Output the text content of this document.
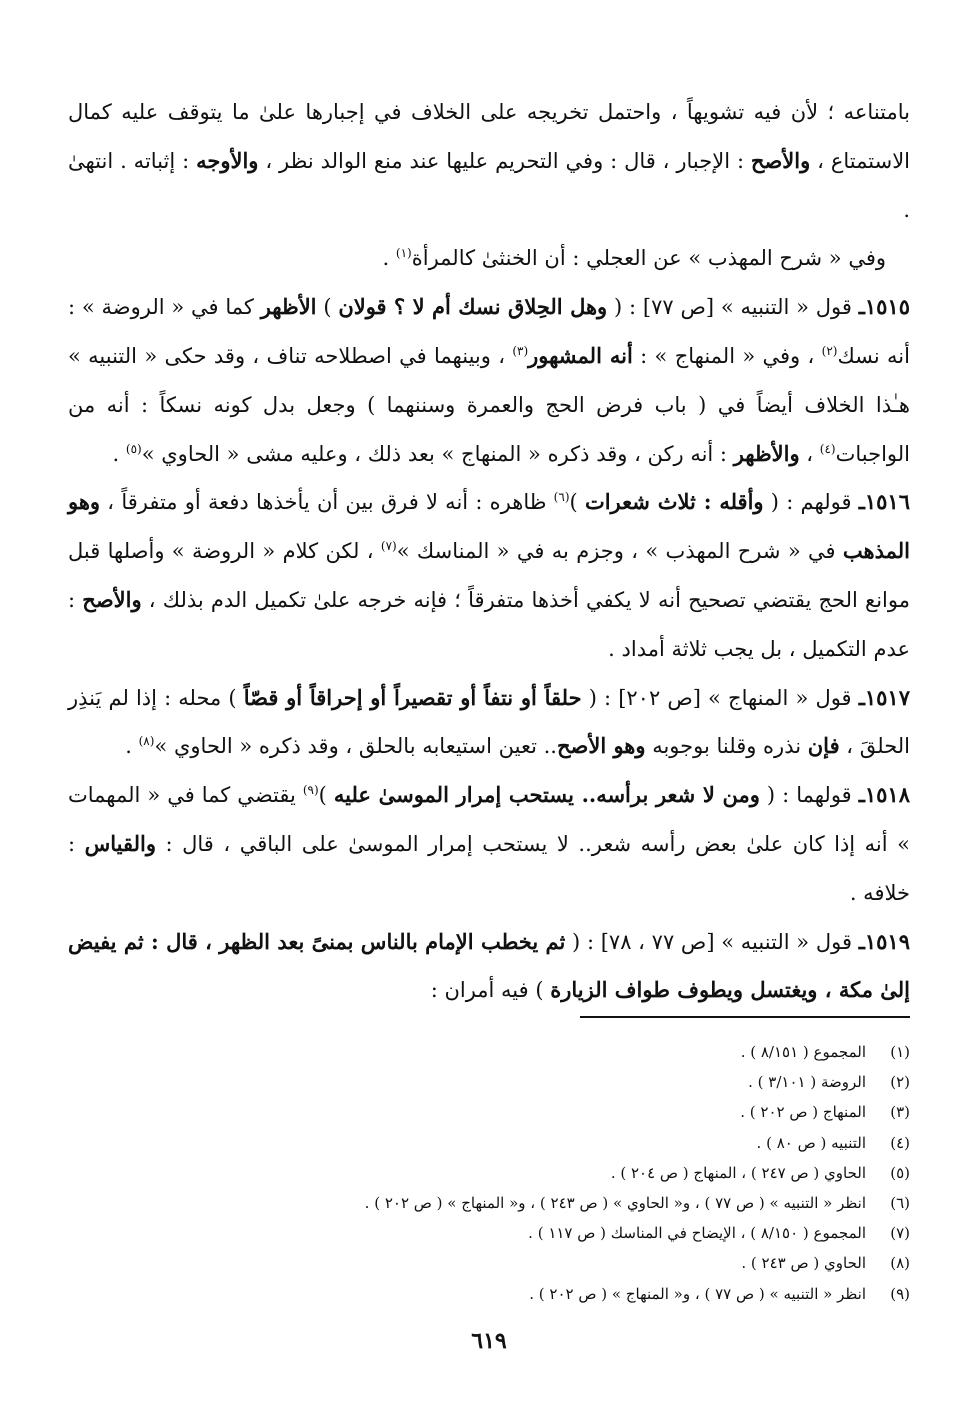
بامتناعه ؛ لأن فيه تشويهاً ، واحتمل تخريجه على الخلاف في إجبارها علىٰ ما يتوقف عليه كمال الاستمتاع ، والأصح : الإجبار ، قال : وفي التحريم عليها عند منع الوالد نظر ، والأوجه : إثباته . انتهىٰ .

وفي « شرح المهذب » عن العجلي : أن الخنثىٰ كالمرأة$^{(١)}$ .

١٥١٥ـ قول « التنبيه » [ص ٧٧] : ( وهل الحِلاق نسك أم لا ؟ قولان ) الأظهر كما في « الروضة » : أنه نسك$^{(٢)}$ ، وفي « المنهاج » : أنه المشهور$^{(٣)}$ ، وبينهما في اصطلاحه تناف ، وقد حكى « التنبيه » هـٰذا الخلاف أيضاً في ( باب فرض الحج والعمرة وسننهما ) وجعل بدل كونه نسكاً : أنه من الواجبات$^{(٤)}$ ، والأظهر : أنه ركن ، وقد ذكره « المنهاج » بعد ذلك ، وعليه مشى « الحاوي »$^{(٥)}$ .

١٥١٦ـ قولهم : ( وأقله : ثلاث شعرات )$^{(٦)}$ ظاهره : أنه لا فرق بين أن يأخذها دفعة أو متفرقاً ، وهو المذهب في « شرح المهذب » ، وجزم به في « المناسك »$^{(٧)}$ ، لكن كلام « الروضة » وأصلها قبل موانع الحج يقتضي تصحيح أنه لا يكفي أخذها متفرقاً ؛ فإنه خرجه علىٰ تكميل الدم بذلك ، والأصح : عدم التكميل ، بل يجب ثلاثة أمداد .

١٥١٧ـ قول « المنهاج » [ص ٢٠٢] : ( حلقاً أو نتفاً أو تقصيراً أو إحراقاً أو قصّاً ) محله : إذا لم يَنذِر الحلقَ ، فإن نذره وقلنا بوجوبه وهو الأصح.. تعين استيعابه بالحلق ، وقد ذكره « الحاوي »$^{(٨)}$ .

١٥١٨ـ قولهما : ( ومن لا شعر برأسه.. يستحب إمرار الموسىٰ عليه )$^{(٩)}$ يقتضي كما في « المهمات » أنه إذا كان علىٰ بعض رأسه شعر.. لا يستحب إمرار الموسىٰ على الباقي ، قال : والقياس : خلافه .

١٥١٩ـ قول « التنبيه » [ص ٧٧ ، ٧٨] : ( ثم يخطب الإمام بالناس بمنىً بعد الظهر ، قال : ثم يفيض إلىٰ مكة ، ويغتسل ويطوف طواف الزيارة ) فيه أمران :

(١)
المجموع ( ٨/١٥١ ) .
(٢)
الروضة ( ٣/١٠١ ) .
(٣)
المنهاج ( ص ٢٠٢ ) .
(٤)
التنبيه ( ص ٨٠ ) .
(٥)
الحاوي ( ص ٢٤٧ ) ، المنهاج ( ص ٢٠٤ ) .
(٦)
انظر « التنبيه » ( ص ٧٧ ) ، و« الحاوي » ( ص ٢٤٣ ) ، و« المنهاج » ( ص ٢٠٢ ) .
(٧)
المجموع ( ٨/١٥٠ ) ، الإيضاح في المناسك ( ص ١١٧ ) .
(٨)
الحاوي ( ص ٢٤٣ ) .
(٩)
انظر « التنبيه » ( ص ٧٧ ) ، و« المنهاج » ( ص ٢٠٢ ) .
٦١٩
